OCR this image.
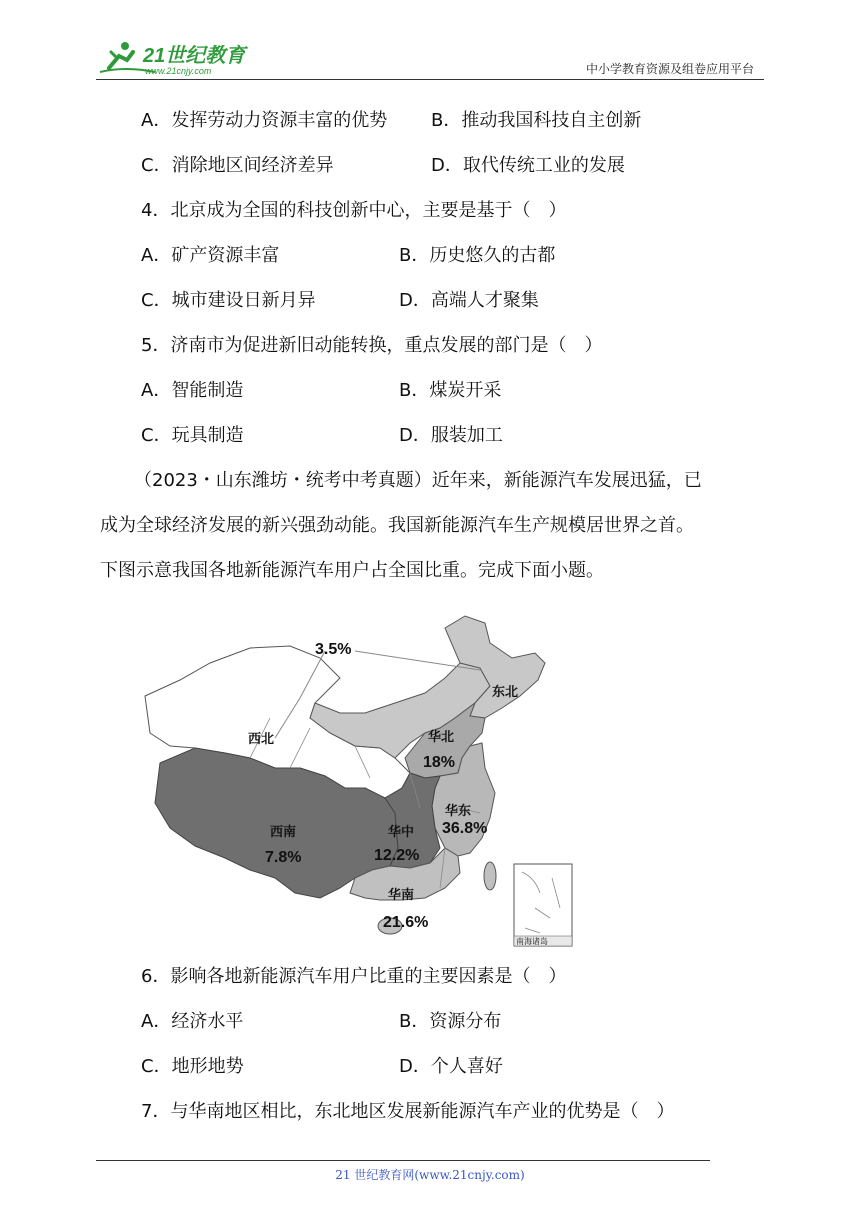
21世纪教育
www.21cnjy.com	中小学教育资源及组卷应用平台
A．发挥劳动力资源丰富的优势 B．推动我国科技自主创新
C．消除地区间经济差异	D．取代传统工业的发展
4．北京成为全国的科技创新中心，主要是基于（　）
A．矿产资源丰富	B．历史悠久的古都
C．城市建设日新月异	D．高端人才聚集
5．济南市为促进新旧动能转换，重点发展的部门是（　）
A．智能制造	B．煤炭开采
C．玩具制造	D．服装加工
（2023・山东潍坊・统考中考真题）近年来，新能源汽车发展迅猛，已
成为全球经济发展的新兴强劲动能。我国新能源汽车生产规模居世界之首。
下图示意我国各地新能源汽车用户占全国比重。完成下面小题。
3.5%
东北
西北	华北
18%
华东
36.8%
西南
7.8%
华中
12.2%
华南
21.6%
南海诸岛
6．影响各地新能源汽车用户比重的主要因素是（　）
A．经济水平	B．资源分布
C．地形地势	D．个人喜好
7．与华南地区相比，东北地区发展新能源汽车产业的优势是（　）
21 世纪教育网(www.21cnjy.com)
